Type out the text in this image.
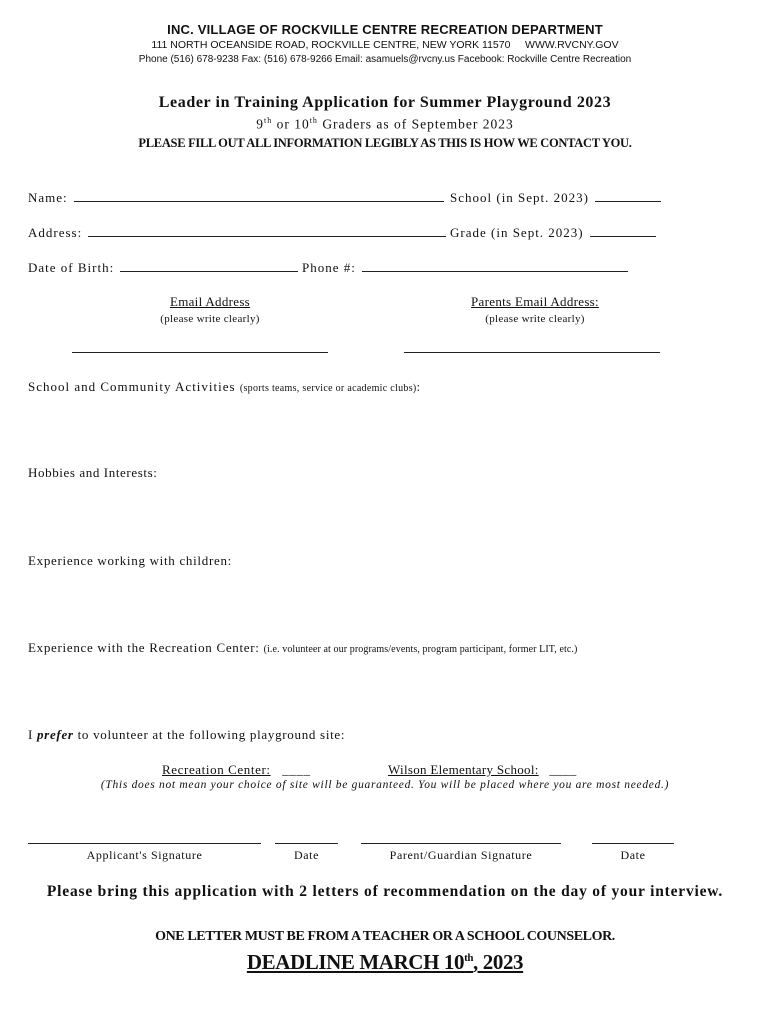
INC. VILLAGE OF ROCKVILLE CENTRE RECREATION DEPARTMENT
111 NORTH OCEANSIDE ROAD, ROCKVILLE CENTRE, NEW YORK 11570 WWW.RVCNY.GOV
Phone (516) 678-9238 Fax: (516) 678-9266 Email: asamuels@rvcny.us Facebook: Rockville Centre Recreation
Leader in Training Application for Summer Playground 2023
9th or 10th Graders as of September 2023
PLEASE FILL OUT ALL INFORMATION LEGIBLY AS THIS IS HOW WE CONTACT YOU.
Name:	School (in Sept. 2023)
Address:	Grade (in Sept. 2023)
Date of Birth:	Phone #:
Email Address
(please write clearly)
Parents Email Address:
(please write clearly)
School and Community Activities (sports teams, service or academic clubs):
Hobbies and Interests:
Experience working with children:
Experience with the Recreation Center: (i.e. volunteer at our programs/events, program participant, former LIT, etc.)
I prefer to volunteer at the following playground site:
Recreation Center: ____	Wilson Elementary School: ____
(This does not mean your choice of site will be guaranteed. You will be placed where you are most needed.)
Applicant's Signature	Date	Parent/Guardian Signature	Date
Please bring this application with 2 letters of recommendation on the day of your interview.
ONE LETTER MUST BE FROM A TEACHER OR A SCHOOL COUNSELOR.
DEADLINE MARCH 10th, 2023
